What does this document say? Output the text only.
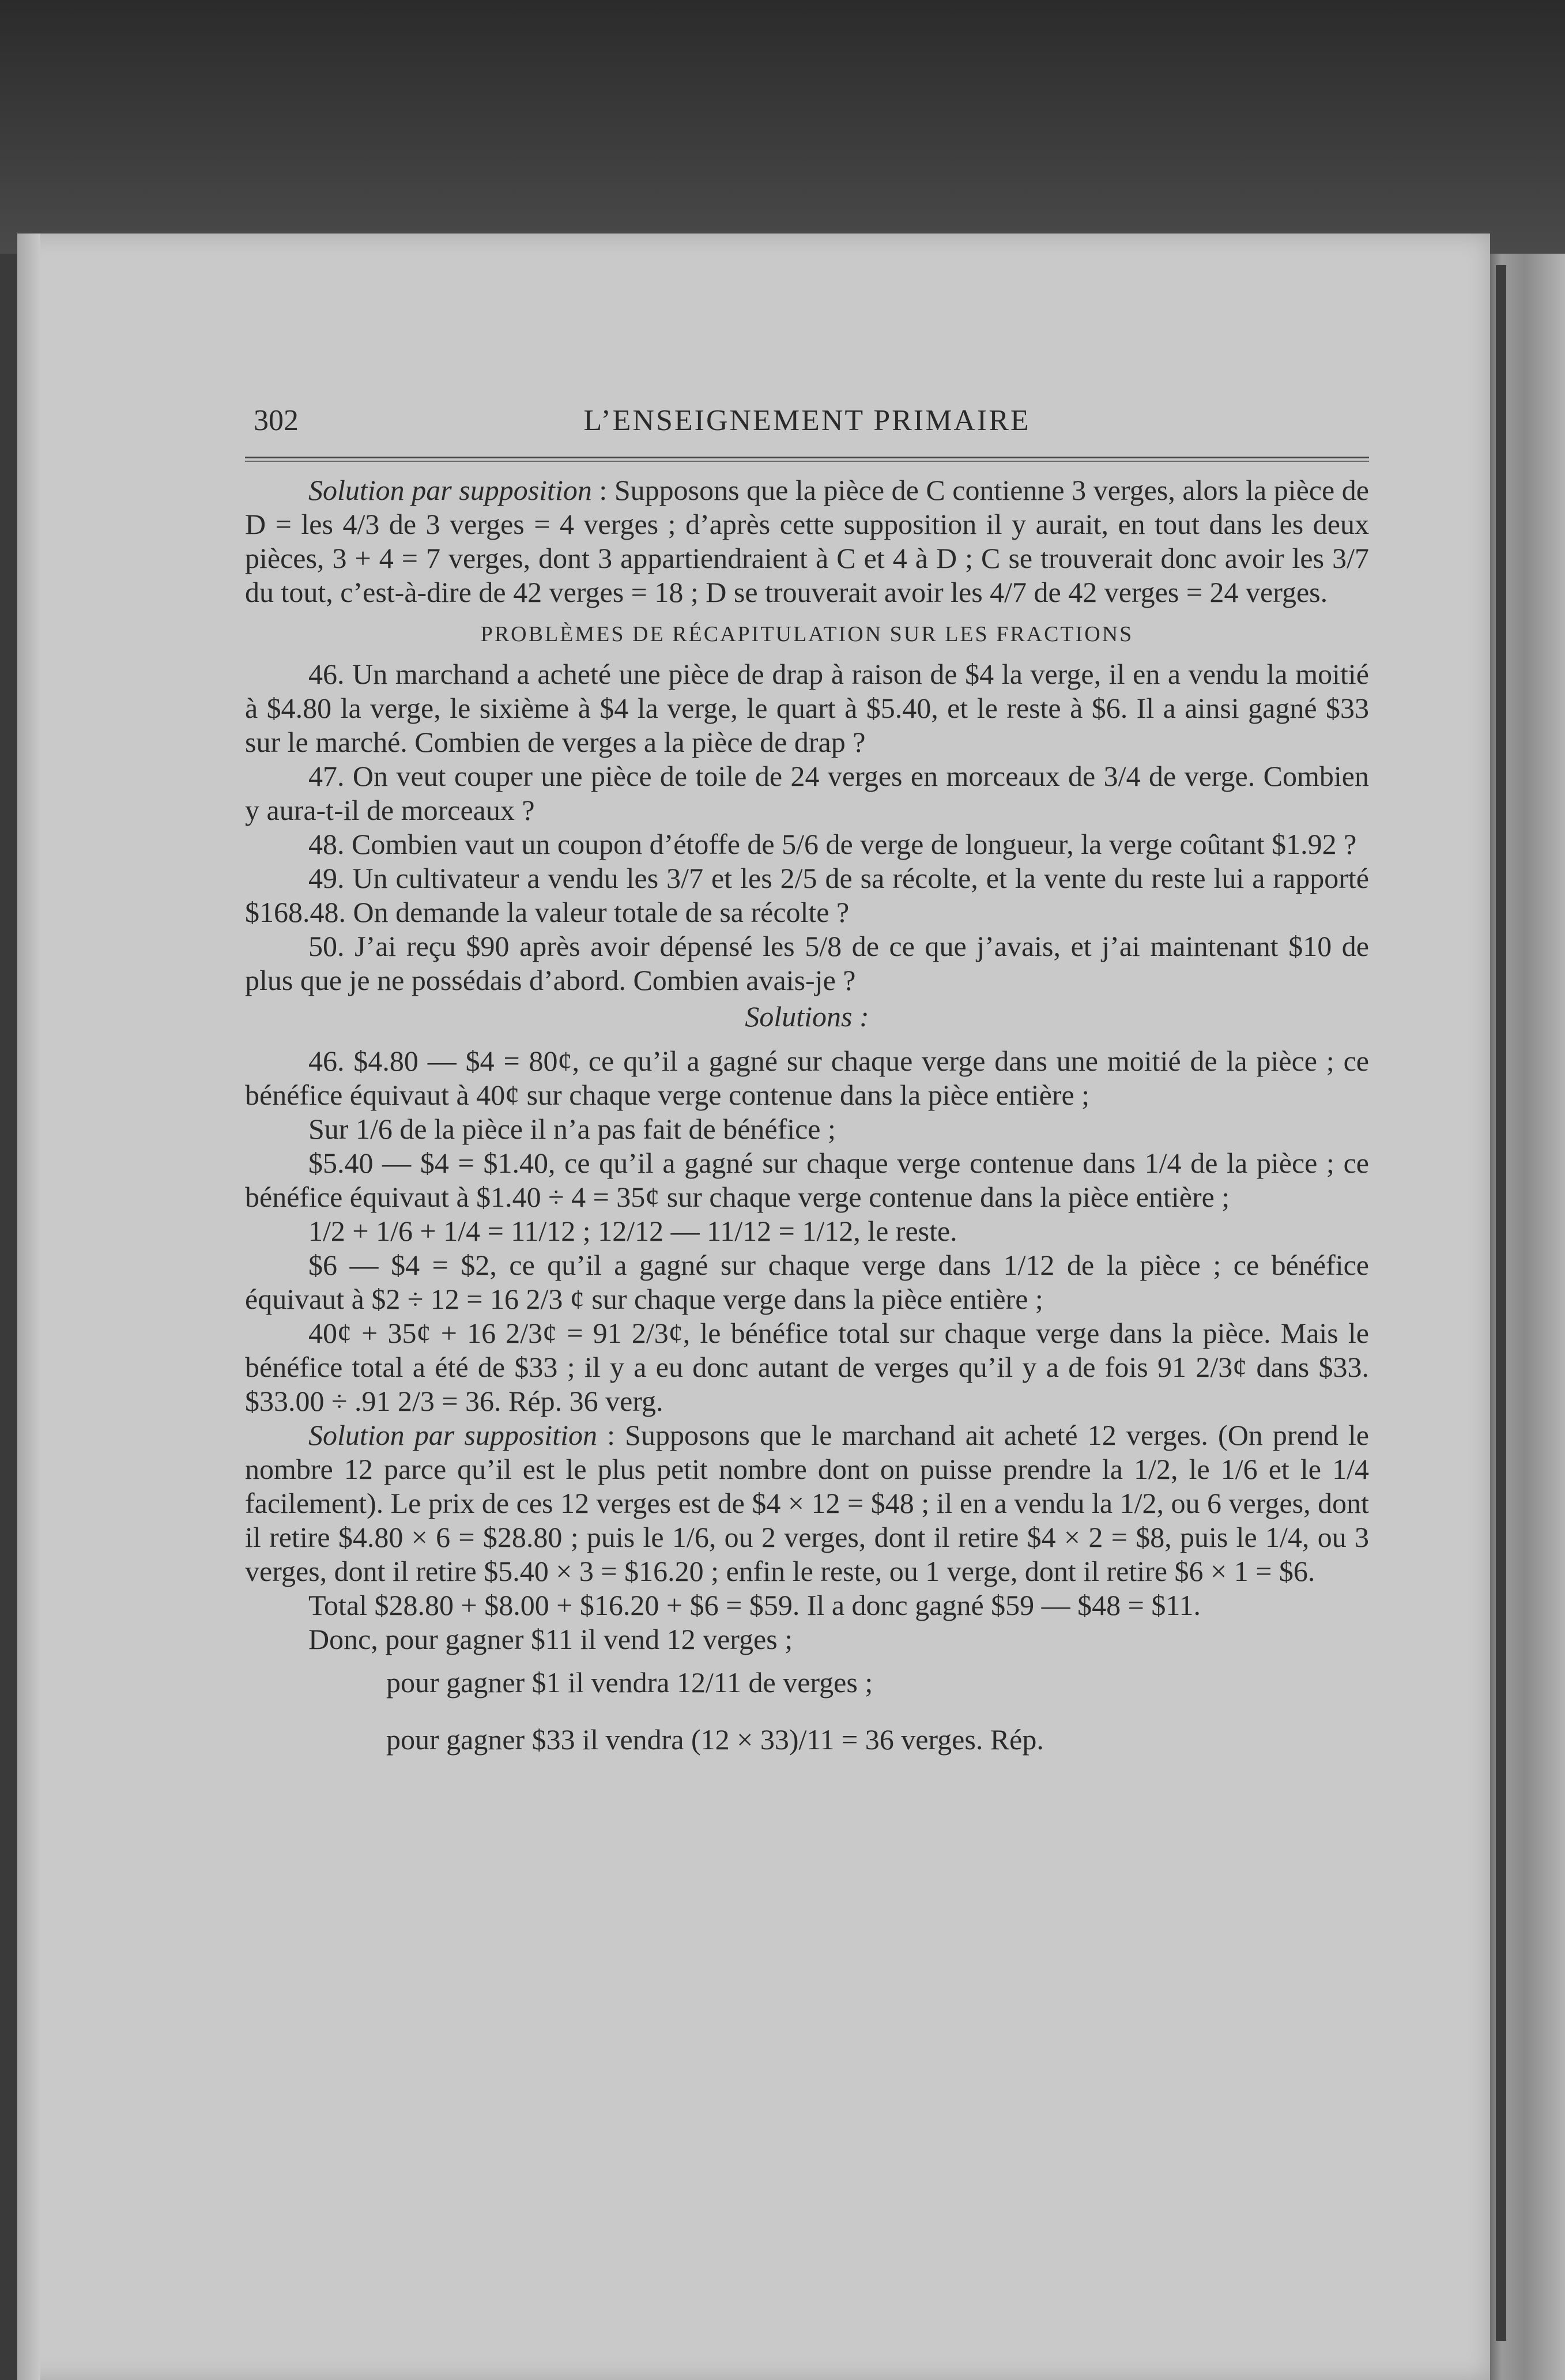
302	L’ENSEIGNEMENT PRIMAIRE

Solution par supposition : Supposons que la pièce de C contienne 3 verges, alors la pièce de D = les 4/3 de 3 verges = 4 verges ; d’après cette supposition il y aurait, en tout dans les deux pièces, 3 + 4 = 7 verges, dont 3 appartiendraient à C et 4 à D ; C se trouverait donc avoir les 3/7 du tout, c’est-à-dire de 42 verges = 18 ; D se trouverait avoir les 4/7 de 42 verges = 24 verges.

PROBLÈMES DE RÉCAPITULATION SUR LES FRACTIONS

46. Un marchand a acheté une pièce de drap à raison de $4 la verge, il en a vendu la moitié à $4.80 la verge, le sixième à $4 la verge, le quart à $5.40, et le reste à $6. Il a ainsi gagné $33 sur le marché. Combien de verges a la pièce de drap ?

47. On veut couper une pièce de toile de 24 verges en morceaux de 3/4 de verge. Combien y aura-t-il de morceaux ?

48. Combien vaut un coupon d’étoffe de 5/6 de verge de longueur, la verge coûtant $1.92 ?

49. Un cultivateur a vendu les 3/7 et les 2/5 de sa récolte, et la vente du reste lui a rapporté $168.48. On demande la valeur totale de sa récolte ?

50. J’ai reçu $90 après avoir dépensé les 5/8 de ce que j’avais, et j’ai maintenant $10 de plus que je ne possédais d’abord. Combien avais-je ?

Solutions :

46. $4.80 — $4 = 80¢, ce qu’il a gagné sur chaque verge dans une moitié de la pièce ; ce bénéfice équivaut à 40¢ sur chaque verge contenue dans la pièce entière ;

Sur 1/6 de la pièce il n’a pas fait de bénéfice ;

$5.40 — $4 = $1.40, ce qu’il a gagné sur chaque verge contenue dans 1/4 de la pièce ; ce bénéfice équivaut à $1.40 ÷ 4 = 35¢ sur chaque verge contenue dans la pièce entière ;

1/2 + 1/6 + 1/4 = 11/12 ; 12/12 — 11/12 = 1/12, le reste.

$6 — $4 = $2, ce qu’il a gagné sur chaque verge dans 1/12 de la pièce ; ce bénéfice équivaut à $2 ÷ 12 = 16 2/3 ¢ sur chaque verge dans la pièce entière ;

40¢ + 35¢ + 16 2/3¢ = 91 2/3¢, le bénéfice total sur chaque verge dans la pièce. Mais le bénéfice total a été de $33 ; il y a eu donc autant de verges qu’il y a de fois 91 2/3¢ dans $33. $33.00 ÷ .91 2/3 = 36. Rép. 36 verg.

Solution par supposition : Supposons que le marchand ait acheté 12 verges. (On prend le nombre 12 parce qu’il est le plus petit nombre dont on puisse prendre la 1/2, le 1/6 et le 1/4 facilement). Le prix de ces 12 verges est de $4 × 12 = $48 ; il en a vendu la 1/2, ou 6 verges, dont il retire $4.80 × 6 = $28.80 ; puis le 1/6, ou 2 verges, dont il retire $4 × 2 = $8, puis le 1/4, ou 3 verges, dont il retire $5.40 × 3 = $16.20 ; enfin le reste, ou 1 verge, dont il retire $6 × 1 = $6.

Total $28.80 + $8.00 + $16.20 + $6 = $59. Il a donc gagné $59 — $48 = $11.

Donc, pour gagner $11 il vend 12 verges ;

pour gagner $1 il vendra 12/11 de verges ;

pour gagner $33 il vendra (12 × 33)/11 = 36 verges. Rép.
